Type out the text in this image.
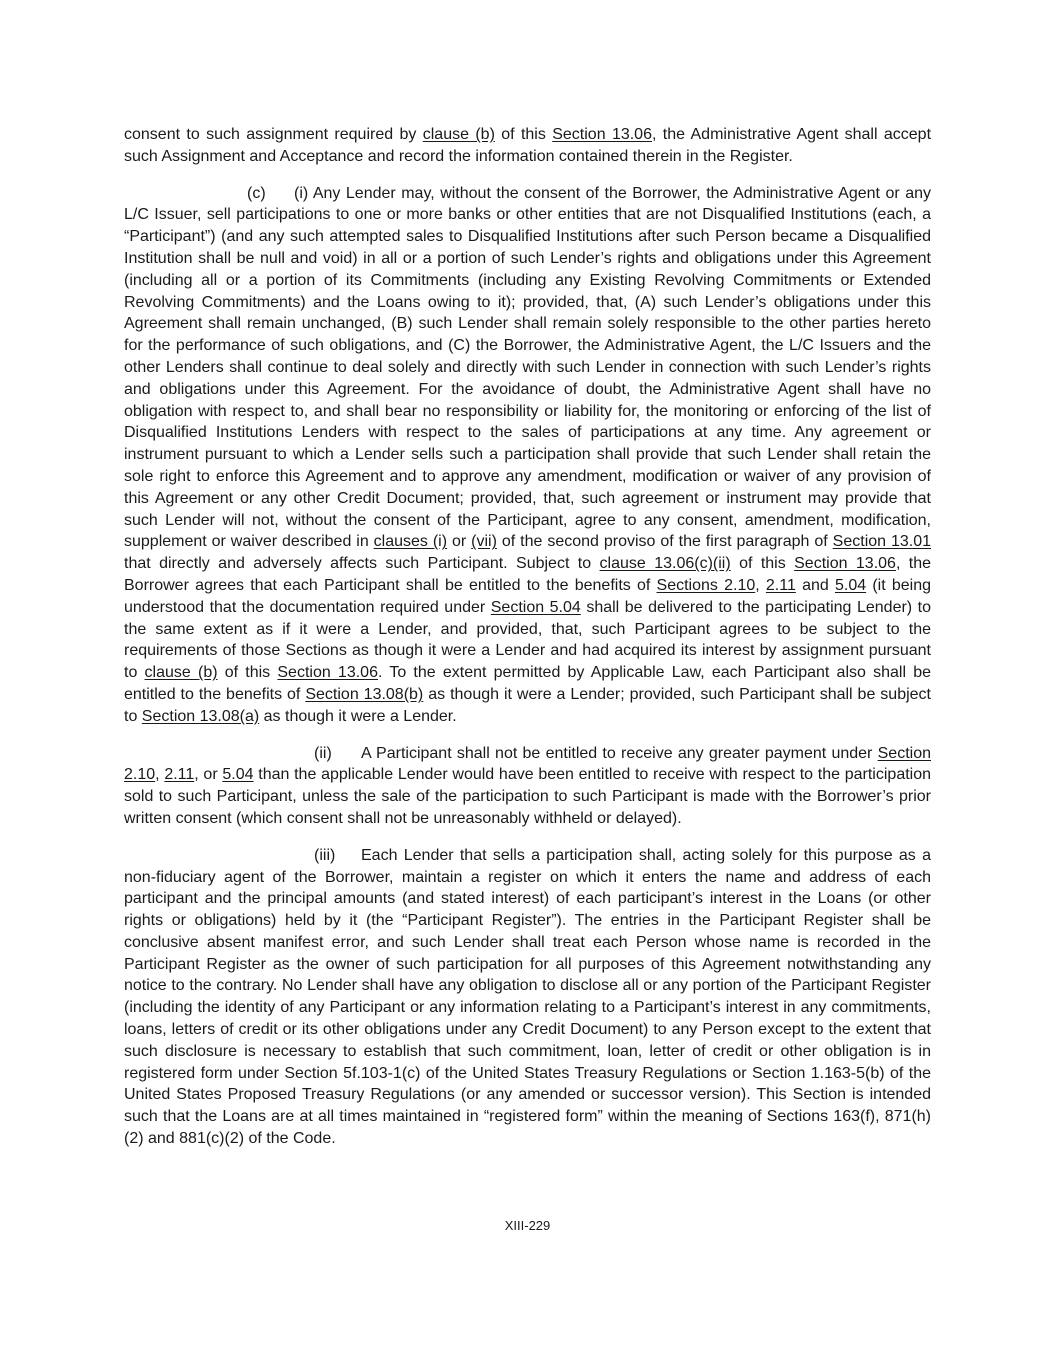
consent to such assignment required by clause (b) of this Section 13.06, the Administrative Agent shall accept such Assignment and Acceptance and record the information contained therein in the Register.

(c) (i) Any Lender may, without the consent of the Borrower, the Administrative Agent or any L/C Issuer, sell participations to one or more banks or other entities that are not Disqualified Institutions (each, a “Participant”) (and any such attempted sales to Disqualified Institutions after such Person became a Disqualified Institution shall be null and void) in all or a portion of such Lender’s rights and obligations under this Agreement (including all or a portion of its Commitments (including any Existing Revolving Commitments or Extended Revolving Commitments) and the Loans owing to it); provided, that, (A) such Lender’s obligations under this Agreement shall remain unchanged, (B) such Lender shall remain solely responsible to the other parties hereto for the performance of such obligations, and (C) the Borrower, the Administrative Agent, the L/C Issuers and the other Lenders shall continue to deal solely and directly with such Lender in connection with such Lender’s rights and obligations under this Agreement. For the avoidance of doubt, the Administrative Agent shall have no obligation with respect to, and shall bear no responsibility or liability for, the monitoring or enforcing of the list of Disqualified Institutions Lenders with respect to the sales of participations at any time. Any agreement or instrument pursuant to which a Lender sells such a participation shall provide that such Lender shall retain the sole right to enforce this Agreement and to approve any amendment, modification or waiver of any provision of this Agreement or any other Credit Document; provided, that, such agreement or instrument may provide that such Lender will not, without the consent of the Participant, agree to any consent, amendment, modification, supplement or waiver described in clauses (i) or (vii) of the second proviso of the first paragraph of Section 13.01 that directly and adversely affects such Participant. Subject to clause 13.06(c)(ii) of this Section 13.06, the Borrower agrees that each Participant shall be entitled to the benefits of Sections 2.10, 2.11 and 5.04 (it being understood that the documentation required under Section 5.04 shall be delivered to the participating Lender) to the same extent as if it were a Lender, and provided, that, such Participant agrees to be subject to the requirements of those Sections as though it were a Lender and had acquired its interest by assignment pursuant to clause (b) of this Section 13.06. To the extent permitted by Applicable Law, each Participant also shall be entitled to the benefits of Section 13.08(b) as though it were a Lender; provided, such Participant shall be subject to Section 13.08(a) as though it were a Lender.

(ii) A Participant shall not be entitled to receive any greater payment under Section 2.10, 2.11, or 5.04 than the applicable Lender would have been entitled to receive with respect to the participation sold to such Participant, unless the sale of the participation to such Participant is made with the Borrower’s prior written consent (which consent shall not be unreasonably withheld or delayed).

(iii) Each Lender that sells a participation shall, acting solely for this purpose as a non-fiduciary agent of the Borrower, maintain a register on which it enters the name and address of each participant and the principal amounts (and stated interest) of each participant’s interest in the Loans (or other rights or obligations) held by it (the “Participant Register”). The entries in the Participant Register shall be conclusive absent manifest error, and such Lender shall treat each Person whose name is recorded in the Participant Register as the owner of such participation for all purposes of this Agreement notwithstanding any notice to the contrary. No Lender shall have any obligation to disclose all or any portion of the Participant Register (including the identity of any Participant or any information relating to a Participant’s interest in any commitments, loans, letters of credit or its other obligations under any Credit Document) to any Person except to the extent that such disclosure is necessary to establish that such commitment, loan, letter of credit or other obligation is in registered form under Section 5f.103-1(c) of the United States Treasury Regulations or Section 1.163-5(b) of the United States Proposed Treasury Regulations (or any amended or successor version). This Section is intended such that the Loans are at all times maintained in “registered form” within the meaning of Sections 163(f), 871(h)(2) and 881(c)(2) of the Code.

XIII-229
